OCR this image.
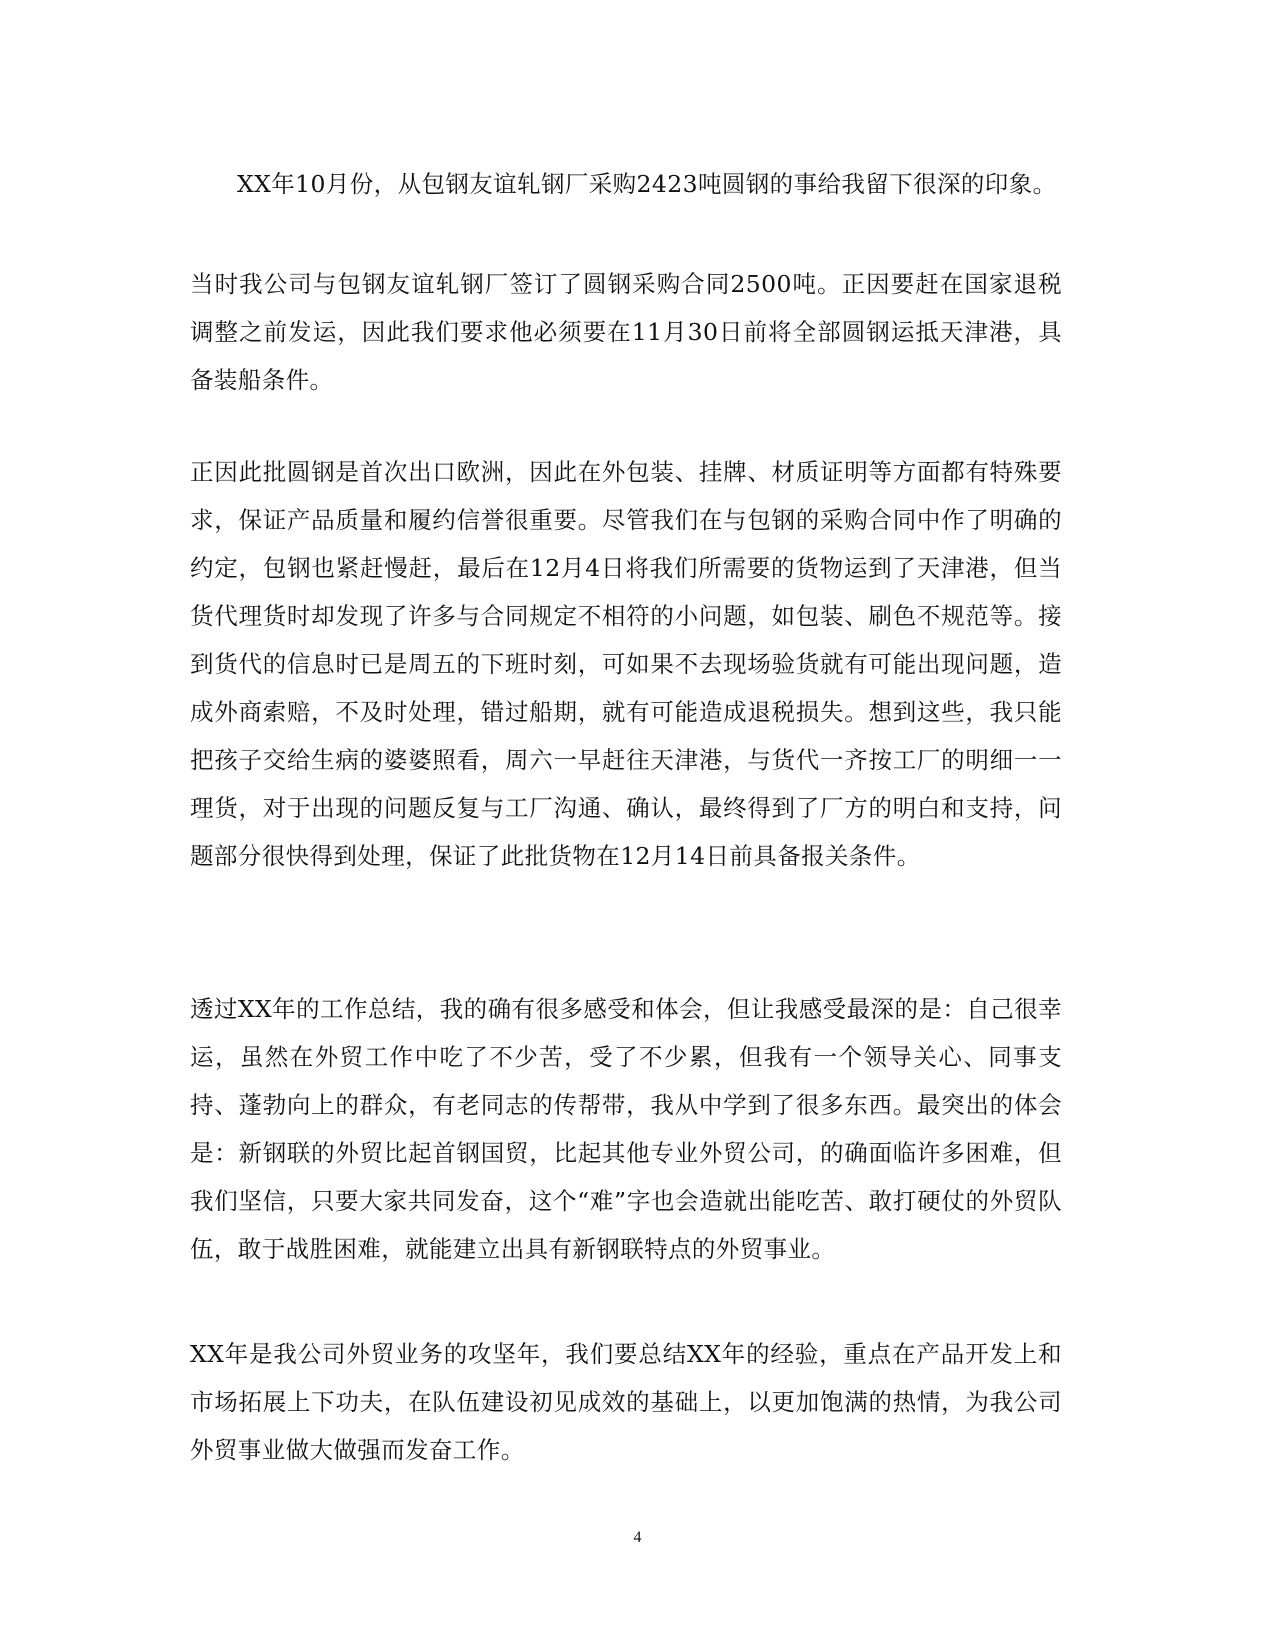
XX年10月份，从包钢友谊轧钢厂采购2423吨圆钢的事给我留下很深的印象。

当时我公司与包钢友谊轧钢厂签订了圆钢采购合同2500吨。正因要赶在国家退税调整之前发运，因此我们要求他必须要在11月30日前将全部圆钢运抵天津港，具备装船条件。

正因此批圆钢是首次出口欧洲，因此在外包装、挂牌、材质证明等方面都有特殊要求，保证产品质量和履约信誉很重要。尽管我们在与包钢的采购合同中作了明确的约定，包钢也紧赶慢赶，最后在12月4日将我们所需要的货物运到了天津港，但当货代理货时却发现了许多与合同规定不相符的小问题，如包装、刷色不规范等。接到货代的信息时已是周五的下班时刻，可如果不去现场验货就有可能出现问题，造成外商索赔，不及时处理，错过船期，就有可能造成退税损失。想到这些，我只能把孩子交给生病的婆婆照看，周六一早赶往天津港，与货代一齐按工厂的明细一一理货，对于出现的问题反复与工厂沟通、确认，最终得到了厂方的明白和支持，问题部分很快得到处理，保证了此批货物在12月14日前具备报关条件。

透过XX年的工作总结，我的确有很多感受和体会，但让我感受最深的是：自己很幸运，虽然在外贸工作中吃了不少苦，受了不少累，但我有一个领导关心、同事支持、蓬勃向上的群众，有老同志的传帮带，我从中学到了很多东西。最突出的体会是：新钢联的外贸比起首钢国贸，比起其他专业外贸公司，的确面临许多困难，但我们坚信，只要大家共同发奋，这个“难”字也会造就出能吃苦、敢打硬仗的外贸队伍，敢于战胜困难，就能建立出具有新钢联特点的外贸事业。

XX年是我公司外贸业务的攻坚年，我们要总结XX年的经验，重点在产品开发上和市场拓展上下功夫，在队伍建设初见成效的基础上，以更加饱满的热情，为我公司外贸事业做大做强而发奋工作。

4
